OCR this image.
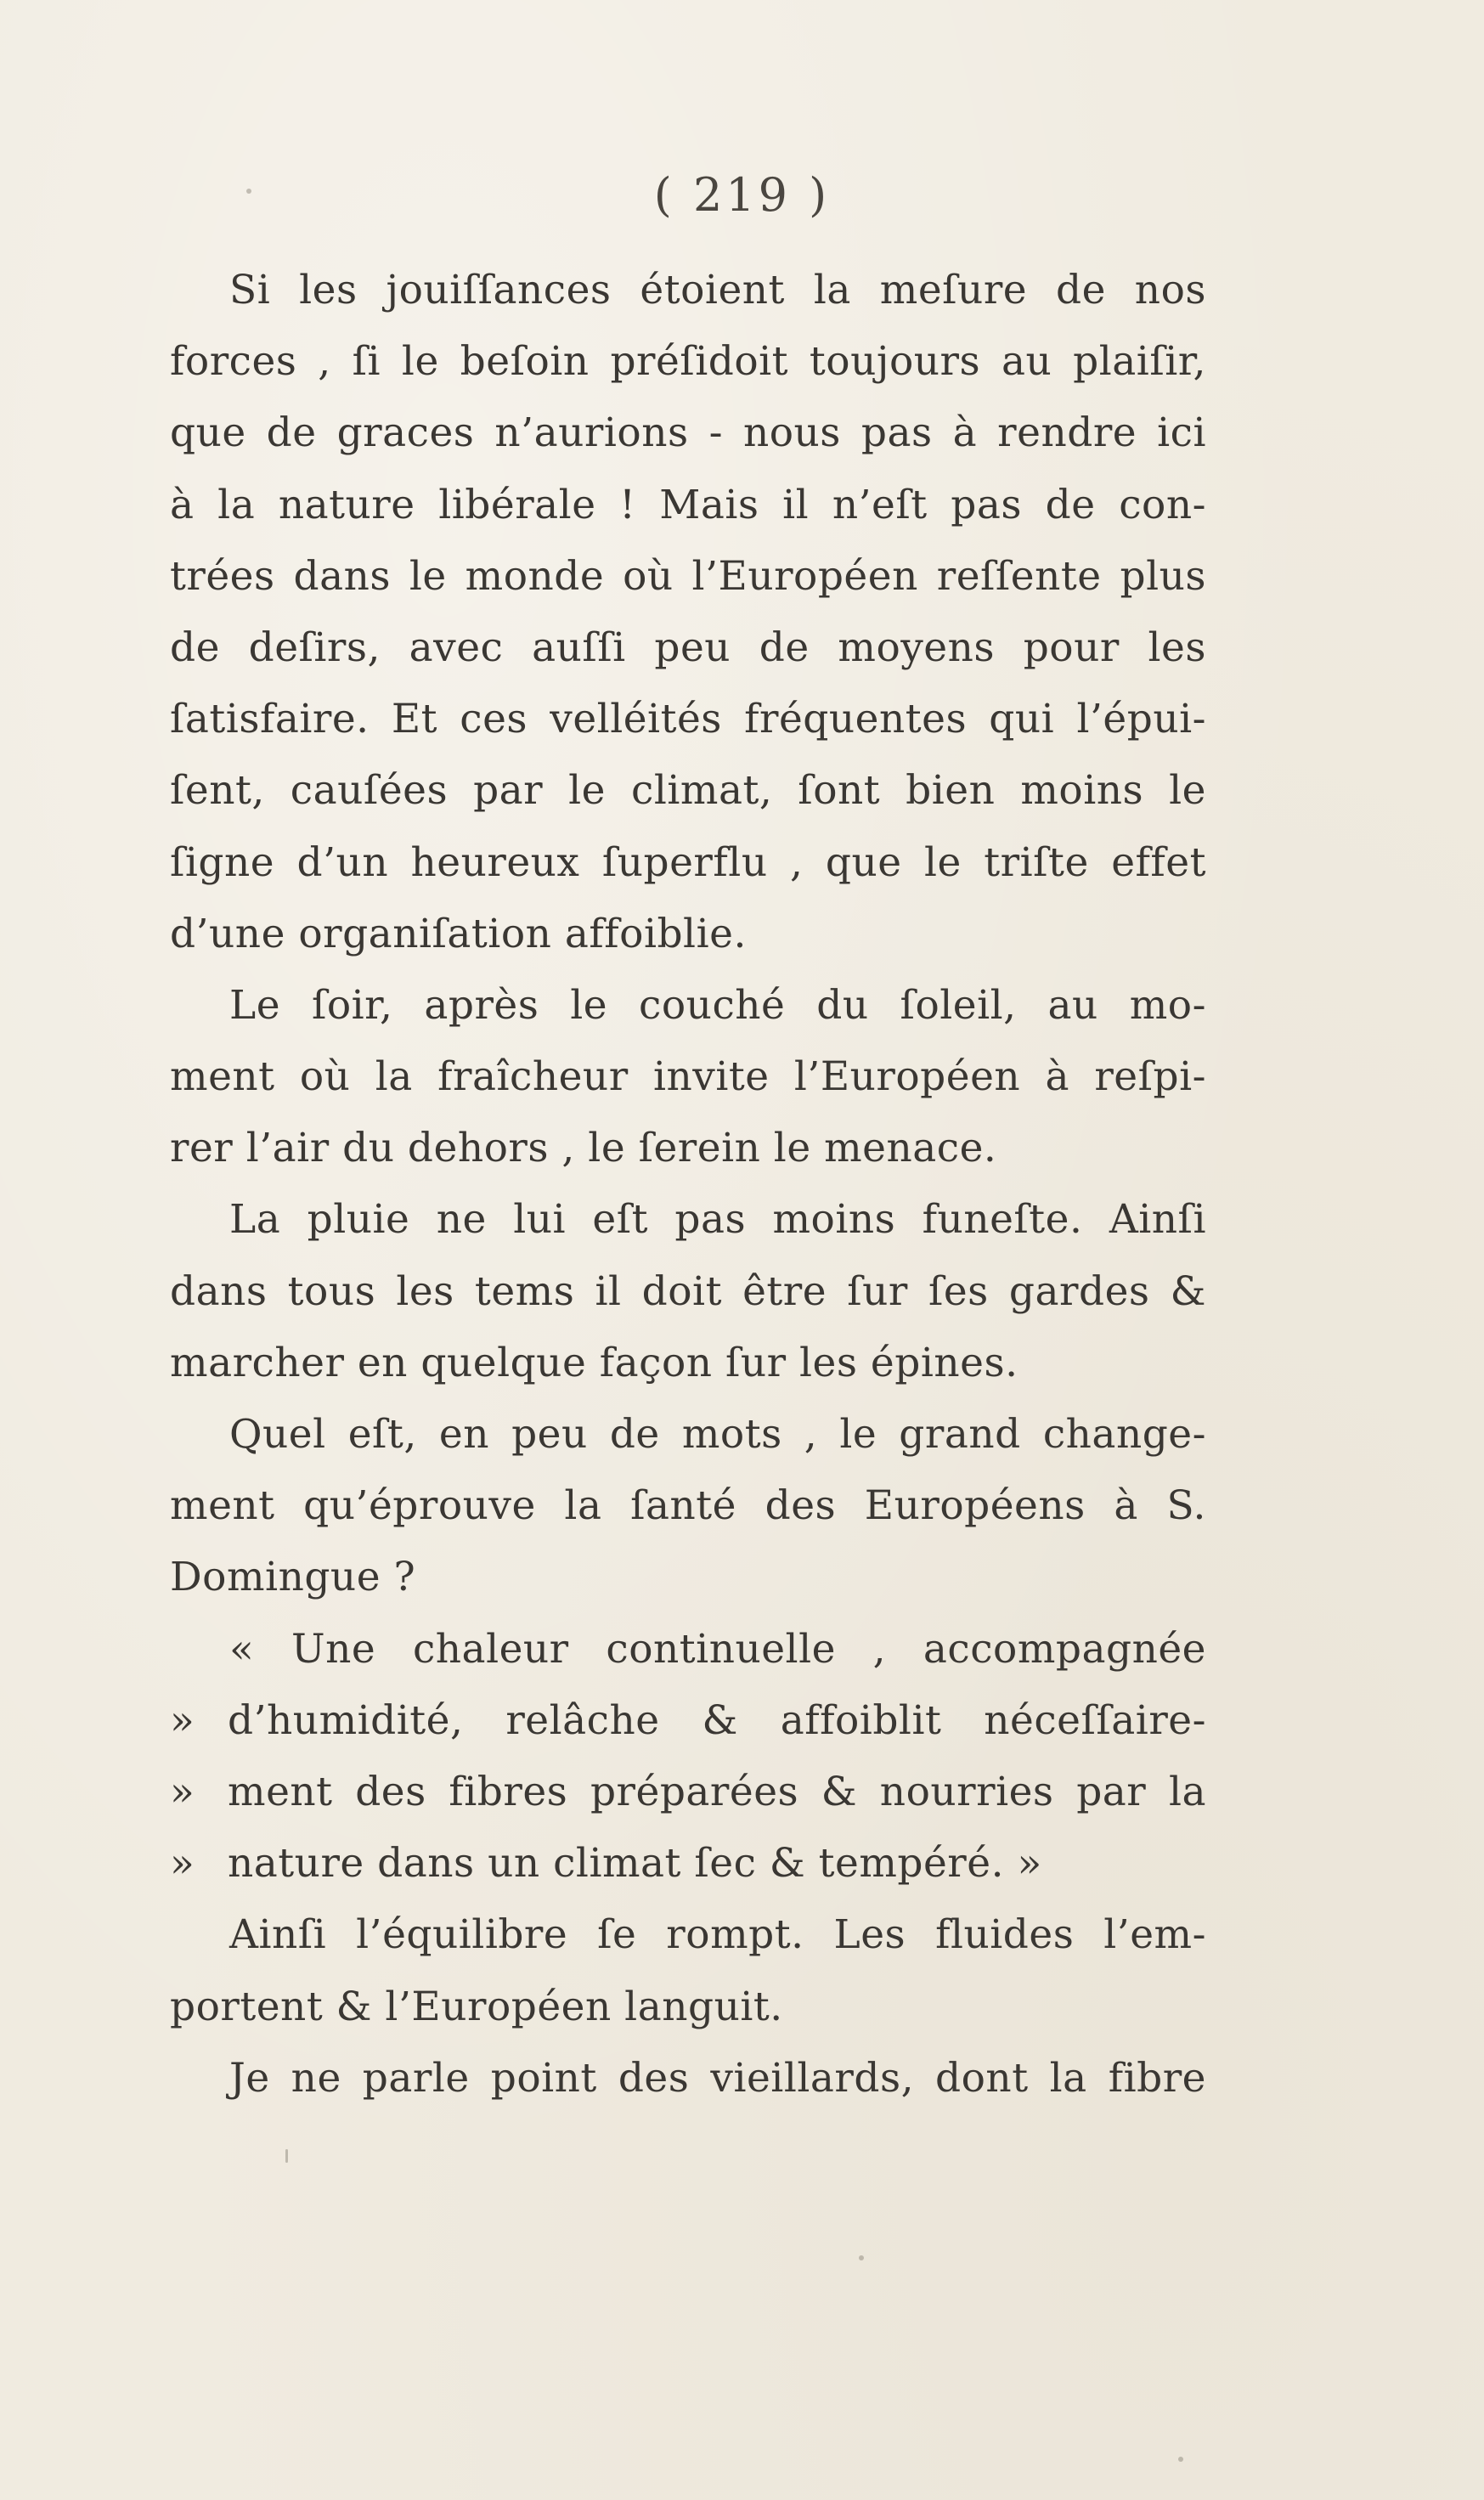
( 219 )
Si les jouiſſances étoient la meſure de nos
forces , ſi le beſoin préſidoit toujours au plaiſir,
que de graces n’aurions - nous pas à rendre ici
à la nature libérale ! Mais il n’eſt pas de con-
trées dans le monde où l’Européen reſſente plus
de deſirs, avec auſſi peu de moyens pour les
ſatisfaire. Et ces velléités fréquentes qui l’épui-
ſent, cauſées par le climat, ſont bien moins le
ſigne d’un heureux ſuperflu , que le triſte effet
d’une organiſation affoiblie.
Le ſoir, après le couché du ſoleil, au mo-
ment où la fraîcheur invite l’Européen à reſpi-
rer l’air du dehors , le ſerein le menace.
La pluie ne lui eſt pas moins funeſte. Ainſi
dans tous les tems il doit être ſur ſes gardes &
marcher en quelque façon ſur les épines.
Quel eſt, en peu de mots , le grand change-
ment qu’éprouve la ſanté des Européens à S.
Domingue ?
« Une chaleur continuelle , accompagnée
» d’humidité, relâche & affoiblit néceſſaire-
» ment des fibres préparées & nourries par la
» nature dans un climat ſec & tempéré. »
Ainſi l’équilibre ſe rompt. Les fluides l’em-
portent & l’Européen languit.
Je ne parle point des vieillards, dont la fibre
